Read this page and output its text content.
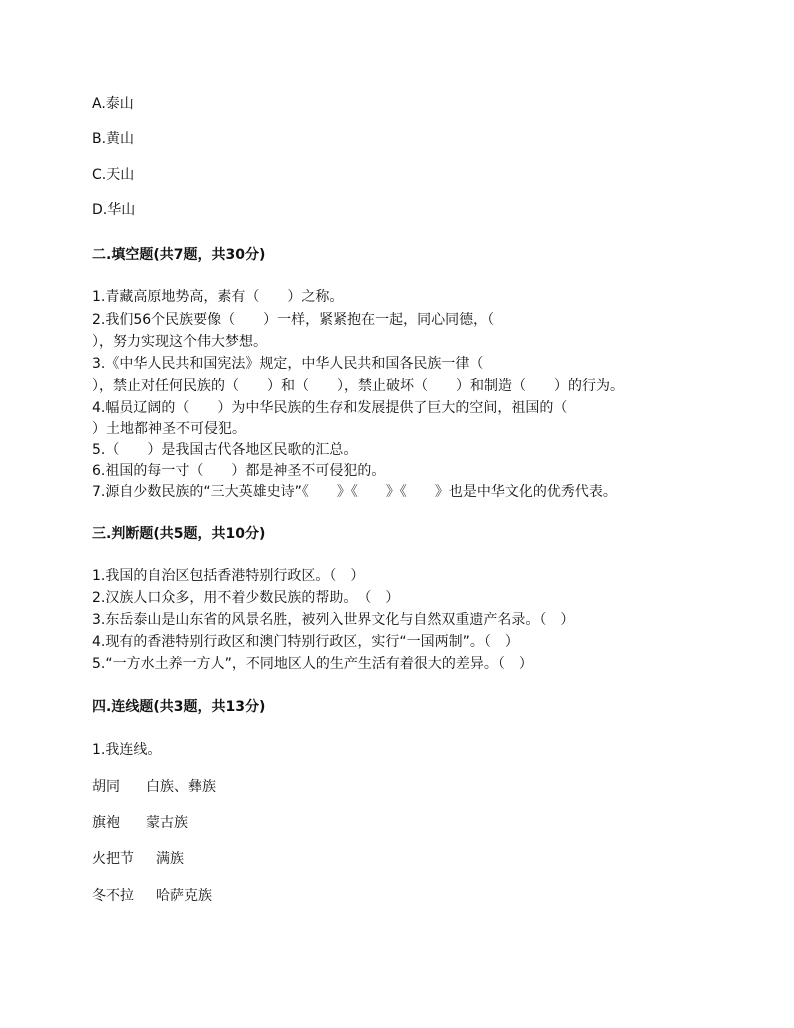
A.泰山
B.黄山
C.天山
D.华山
二.填空题(共7题，共30分)
1.青藏高原地势高，素有（　　）之称。
2.我们56个民族要像（　　）一样，紧紧抱在一起，同心同德，（
），努力实现这个伟大梦想。
3.《中华人民共和国宪法》规定，中华人民共和国各民族一律（
），禁止对任何民族的（　　）和（　　），禁止破坏（　　）和制造（　　）的行为。
4.幅员辽阔的（　　）为中华民族的生存和发展提供了巨大的空间，祖国的（
）土地都神圣不可侵犯。
5.（　　）是我国古代各地区民歌的汇总。
6.祖国的每一寸（　　）都是神圣不可侵犯的。
7.源自少数民族的“三大英雄史诗”《　　》《　　》《　　》也是中华文化的优秀代表。
三.判断题(共5题，共10分)
1.我国的自治区包括香港特别行政区。（　）
2.汉族人口众多，用不着少数民族的帮助。　（　）
3.东岳泰山是山东省的风景名胜，被列入世界文化与自然双重遗产名录。（　）
4.现有的香港特别行政区和澳门特别行政区，实行“一国两制”。（　）
5.“一方水土养一方人”，不同地区人的生产生活有着很大的差异。（　）
四.连线题(共3题，共13分)
1.我连线。
胡同 白族、彝族
旗袍 蒙古族
火把节 满族
冬不拉 哈萨克族
